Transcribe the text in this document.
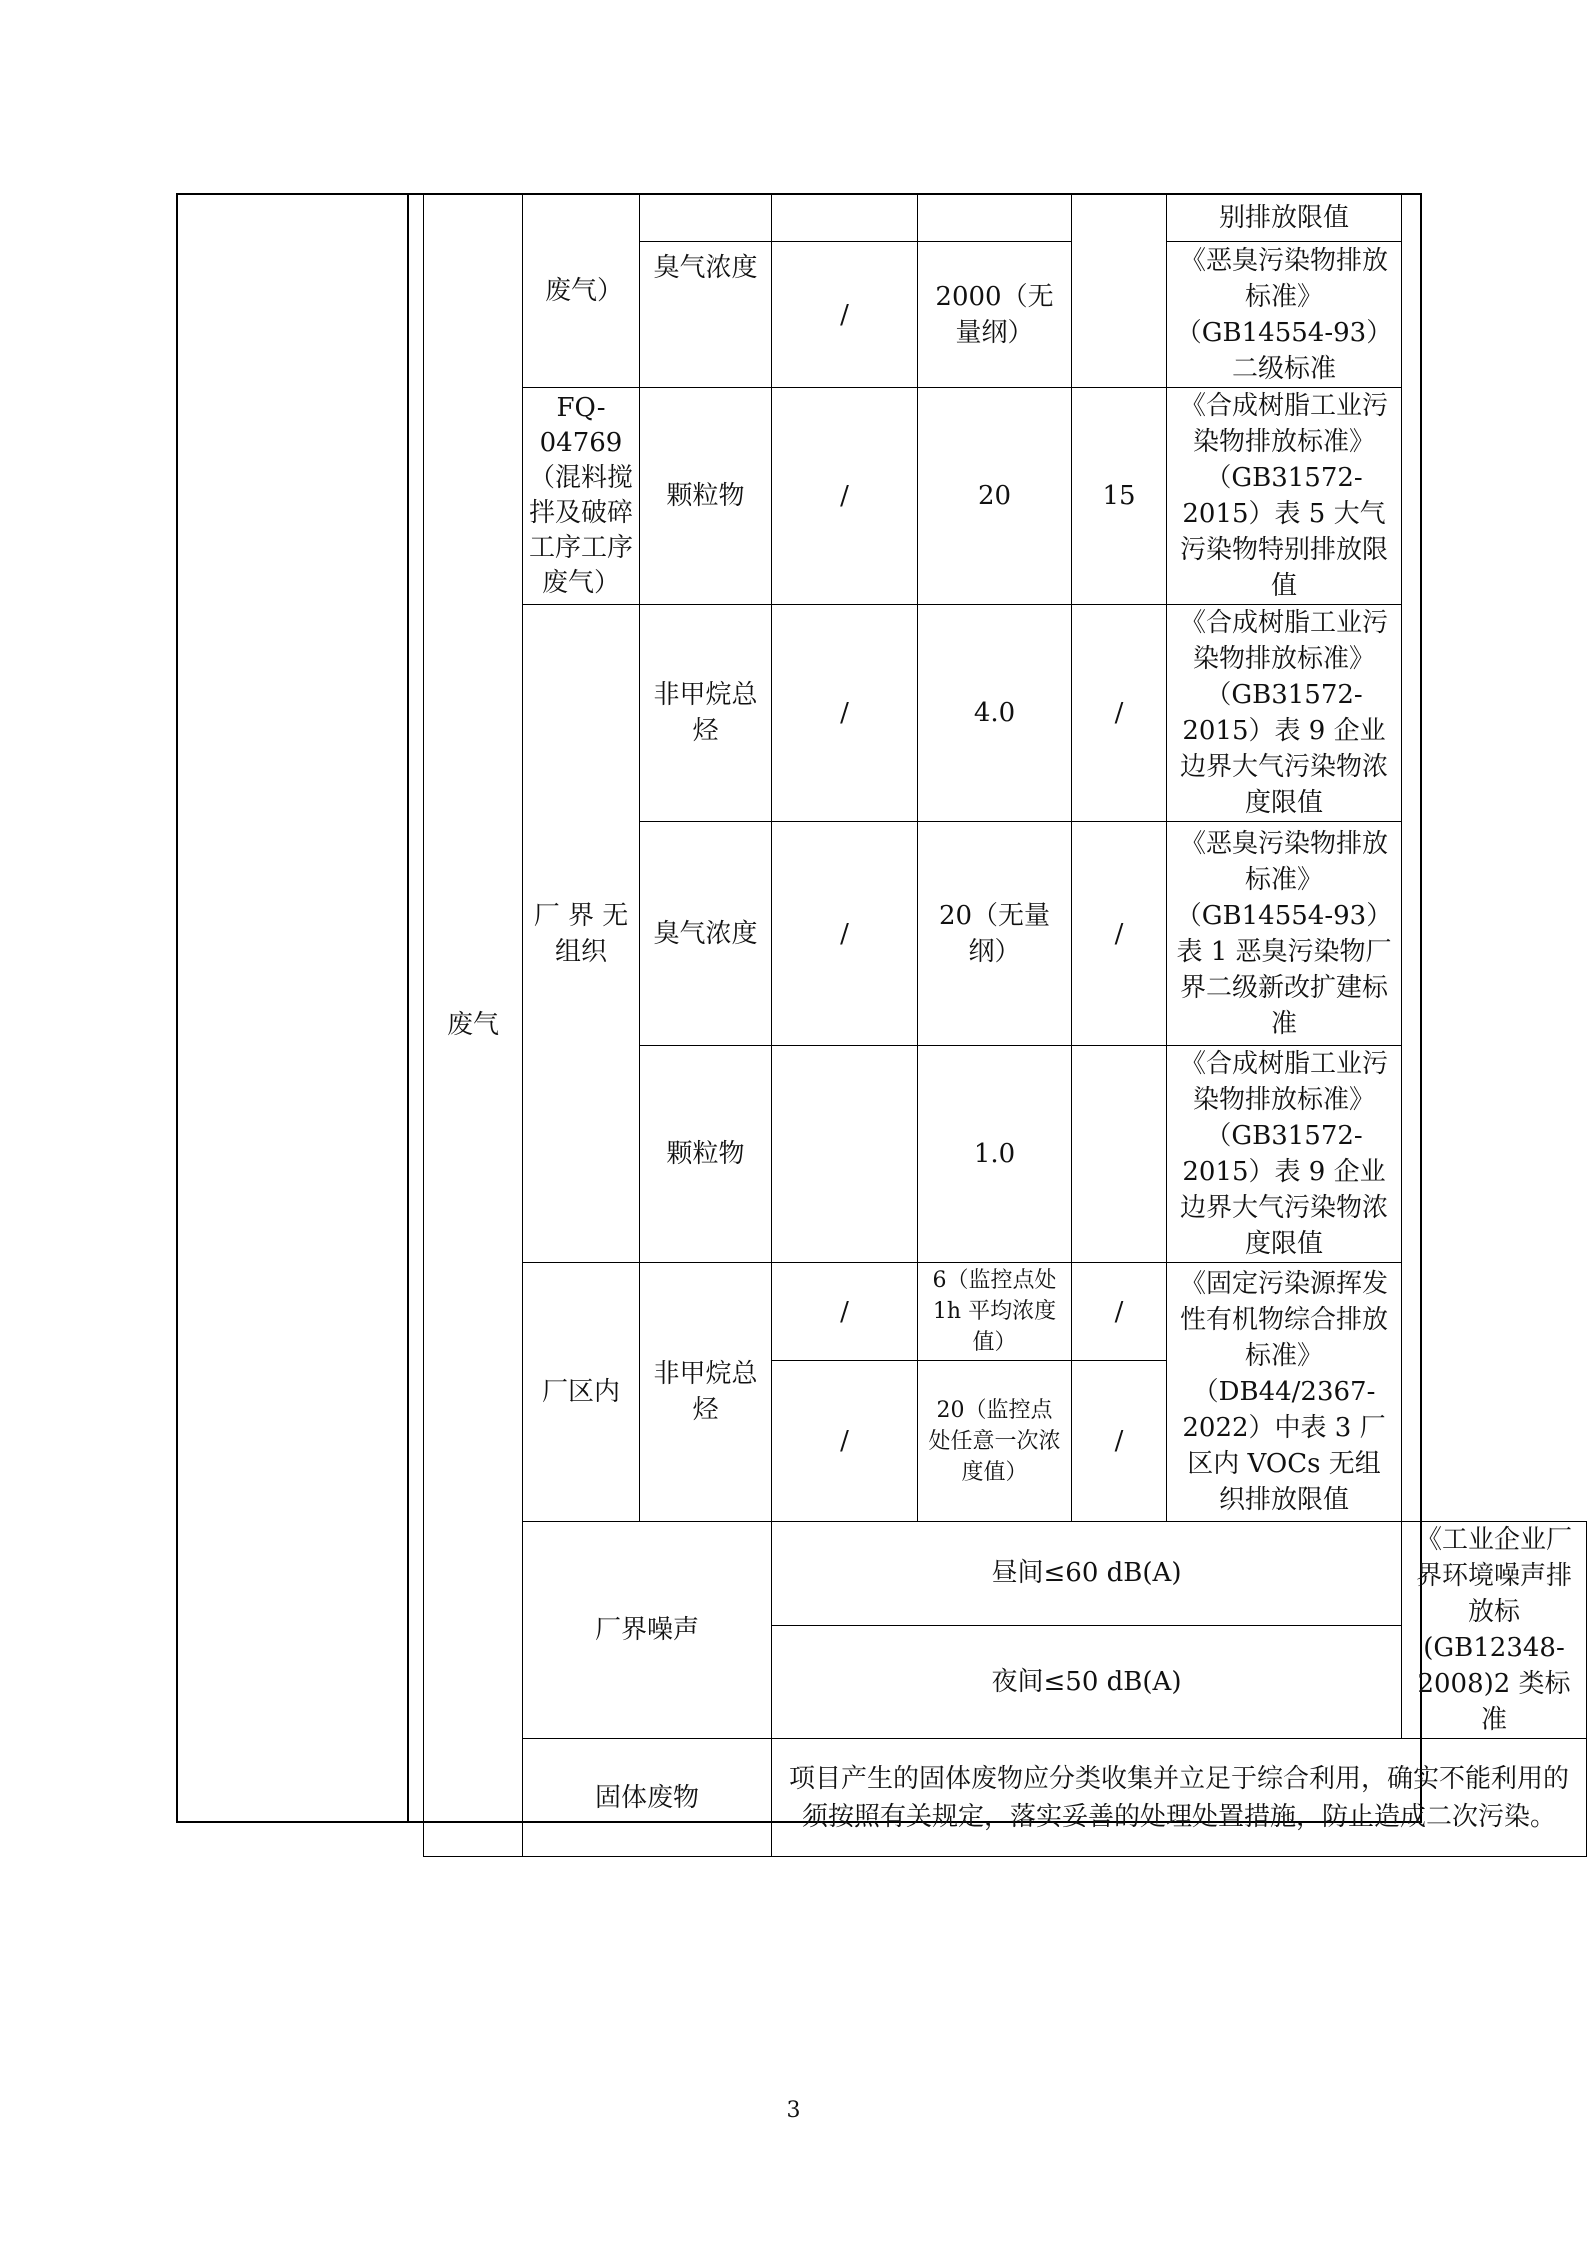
废气	废气）					别排放限值	
		臭气浓度	/	2000（无量纲）		《恶臭污染物排放标准》（GB14554-93）二级标准	
	FQ-04769（混料搅拌及破碎工序工序废气）	颗粒物	/	20	15	《合成树脂工业污染物排放标准》（GB31572-2015）表 5 大气污染物特别排放限值	
	厂 界 无组织	非甲烷总烃	/	4.0	/	《合成树脂工业污染物排放标准》（GB31572-2015）表 9 企业边界大气污染物浓度限值	
		臭气浓度	/	20（无量纲）	/	《恶臭污染物排放标准》（GB14554-93）表 1 恶臭污染物厂界二级新改扩建标准	
		颗粒物		1.0		《合成树脂工业污染物排放标准》（GB31572-2015）表 9 企业边界大气污染物浓度限值	
	厂区内	非甲烷总烃	/	6（监控点处 1h 平均浓度值）	/	《固定污染源挥发性有机物综合排放标准》（DB44/2367-2022）中表 3 厂区内 VOCs 无组织排放限值	
			/	20（监控点处任意一次浓度值）	/		
	厂界噪声		昼间≤60 dB(A)				《工业企业厂界环境噪声排放标(GB12348-2008)2 类标准
			夜间≤50 dB(A)				
	固体废物		项目产生的固体废物应分类收集并立足于综合利用，确实不能利用的须按照有关规定，落实妥善的处理处置措施，防止造成二次污染。				
3
